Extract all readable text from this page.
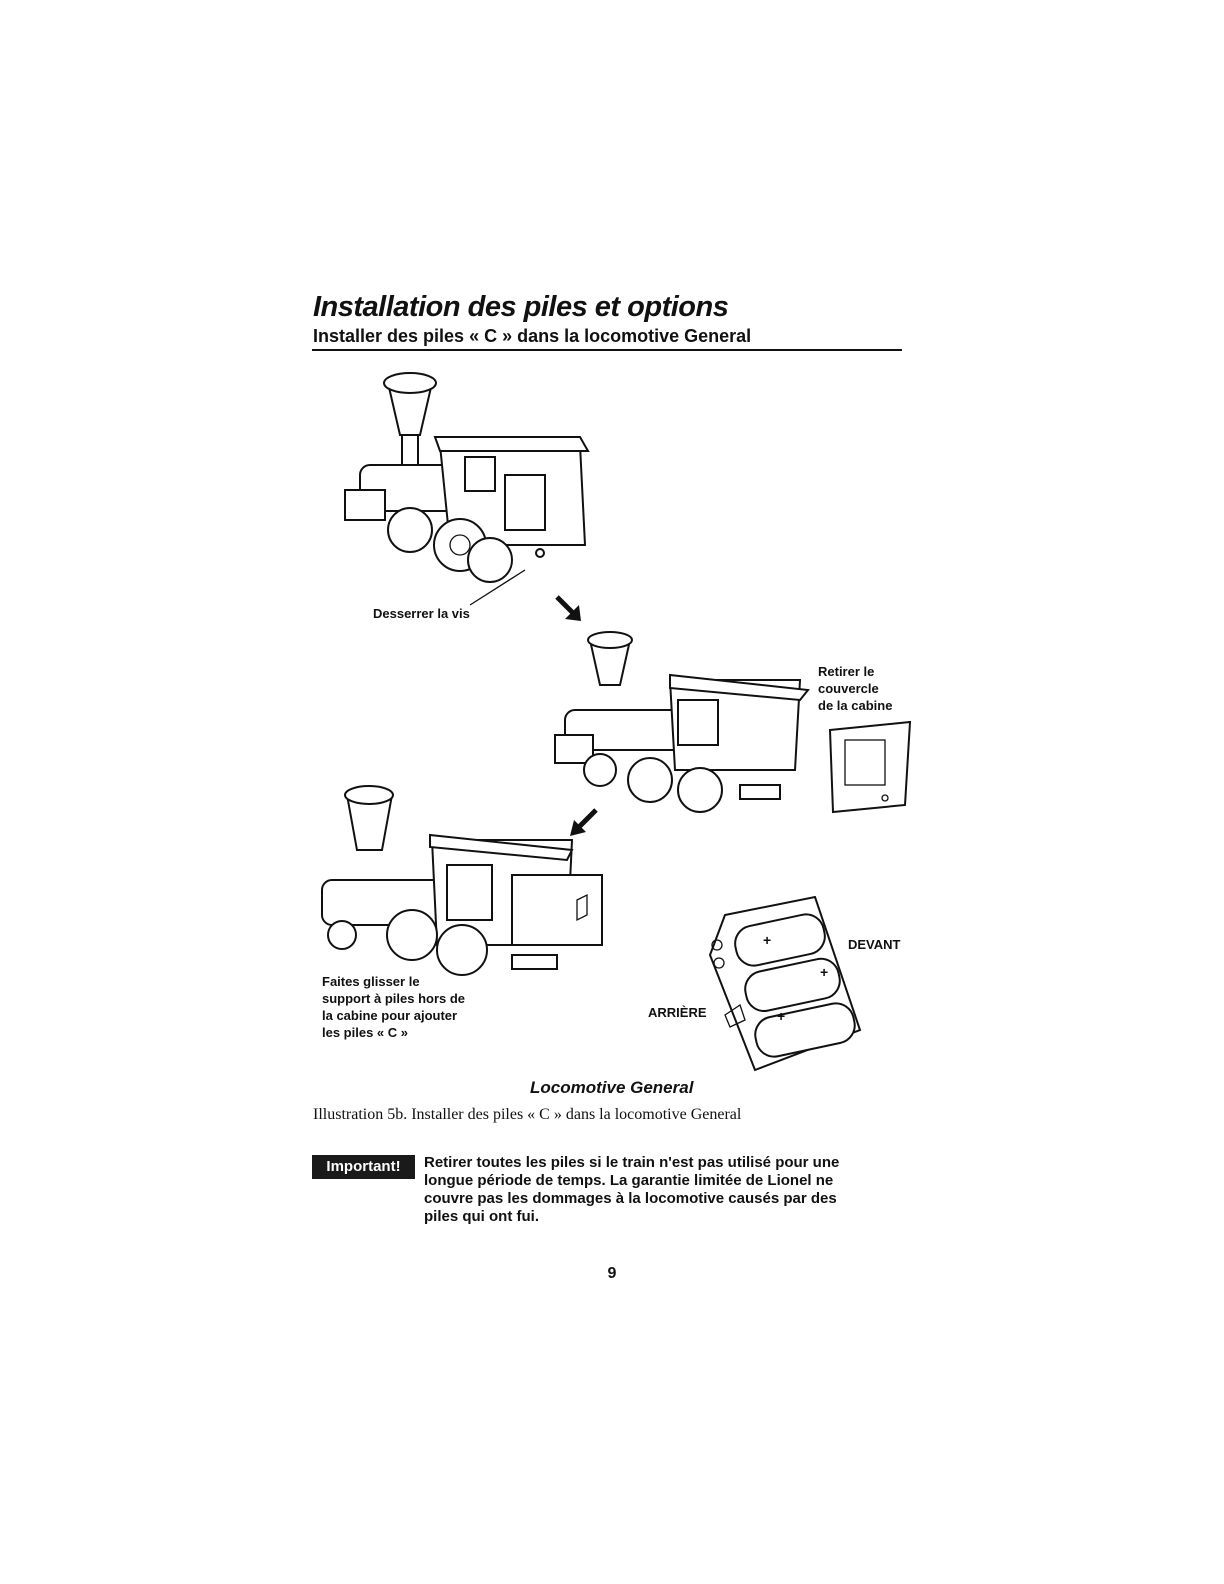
Installation des piles et options
Installer des piles « C » dans la locomotive General
Desserrer la vis
Retirer le
couvercle
de la cabine
Faites glisser le
support à piles hors de
la cabine pour ajouter
les piles « C »
+
+
+
DEVANT
ARRIÈRE
Locomotive General
Illustration 5b. Installer des piles « C » dans la locomotive General
Important!	Retirer toutes les piles si le train n'est pas utilisé pour une longue période de temps. La garantie limitée de Lionel ne couvre pas les dommages à la locomotive causés par des piles qui ont fui.
9
